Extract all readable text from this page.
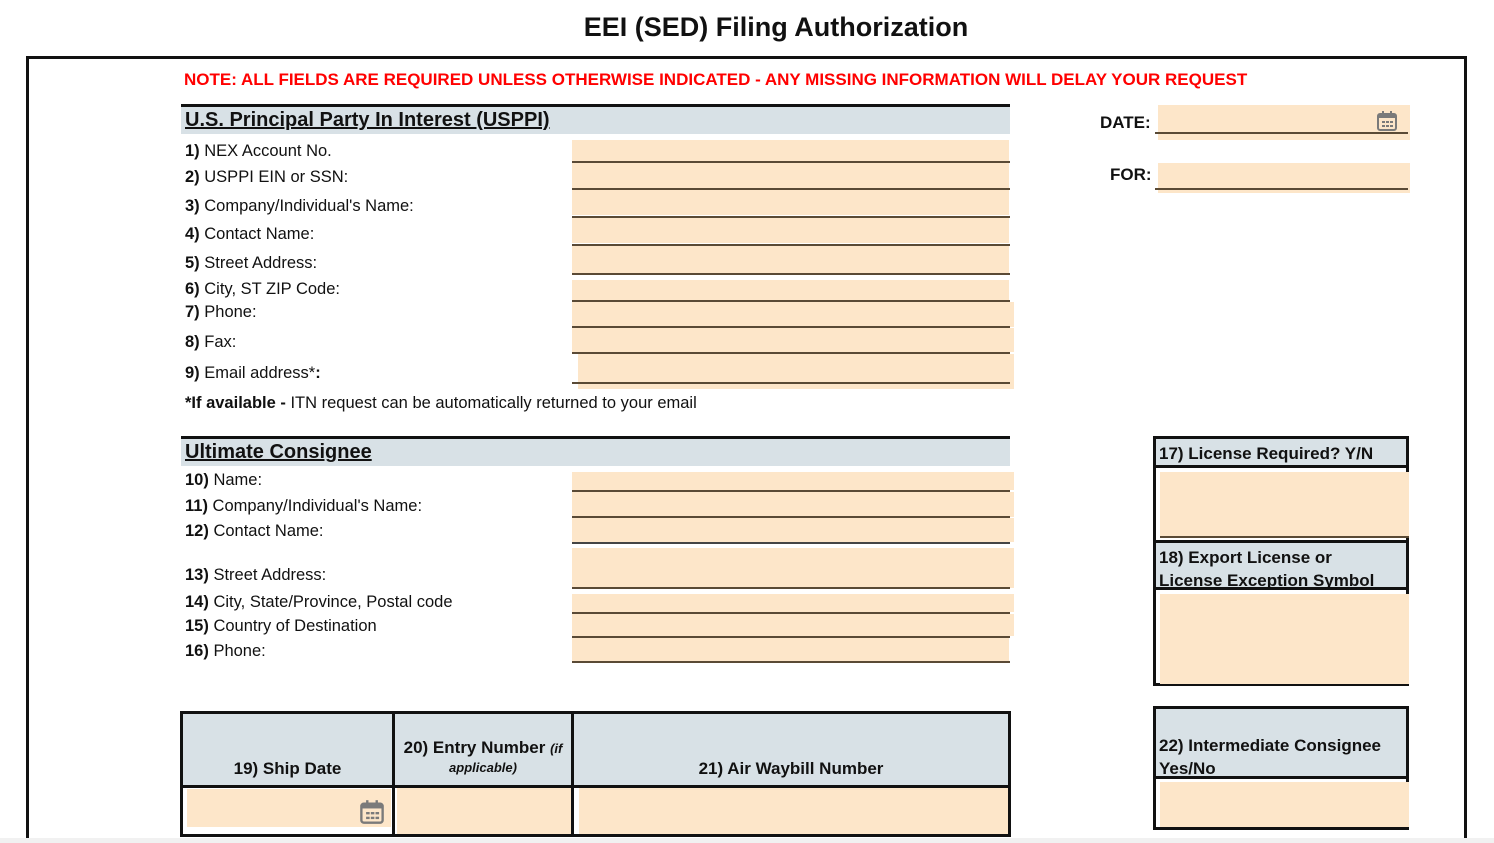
EEI (SED) Filing Authorization
NOTE: ALL FIELDS ARE REQUIRED UNLESS OTHERWISE INDICATED - ANY MISSING INFORMATION WILL DELAY YOUR REQUEST
DATE:
FOR:
U.S. Principal Party In Interest (USPPI)
1) NEX Account No.
2) USPPI EIN or SSN:
3) Company/Individual's Name:
4) Contact Name:
5) Street Address:
6) City, ST ZIP Code:
7) Phone:
8) Fax:
9) Email address*:
*If available - ITN request can be automatically returned to your email
Ultimate Consignee
10) Name:
11) Company/Individual's Name:
12) Contact Name:
13) Street Address:
14) City, State/Province, Postal code
15) Country of Destination
16) Phone:
17) License Required? Y/N
18) Export License or
License Exception Symbol
22) Intermediate Consignee
Yes/No
19) Ship Date
20) Entry Number (if
applicable)	21) Air Waybill Number
